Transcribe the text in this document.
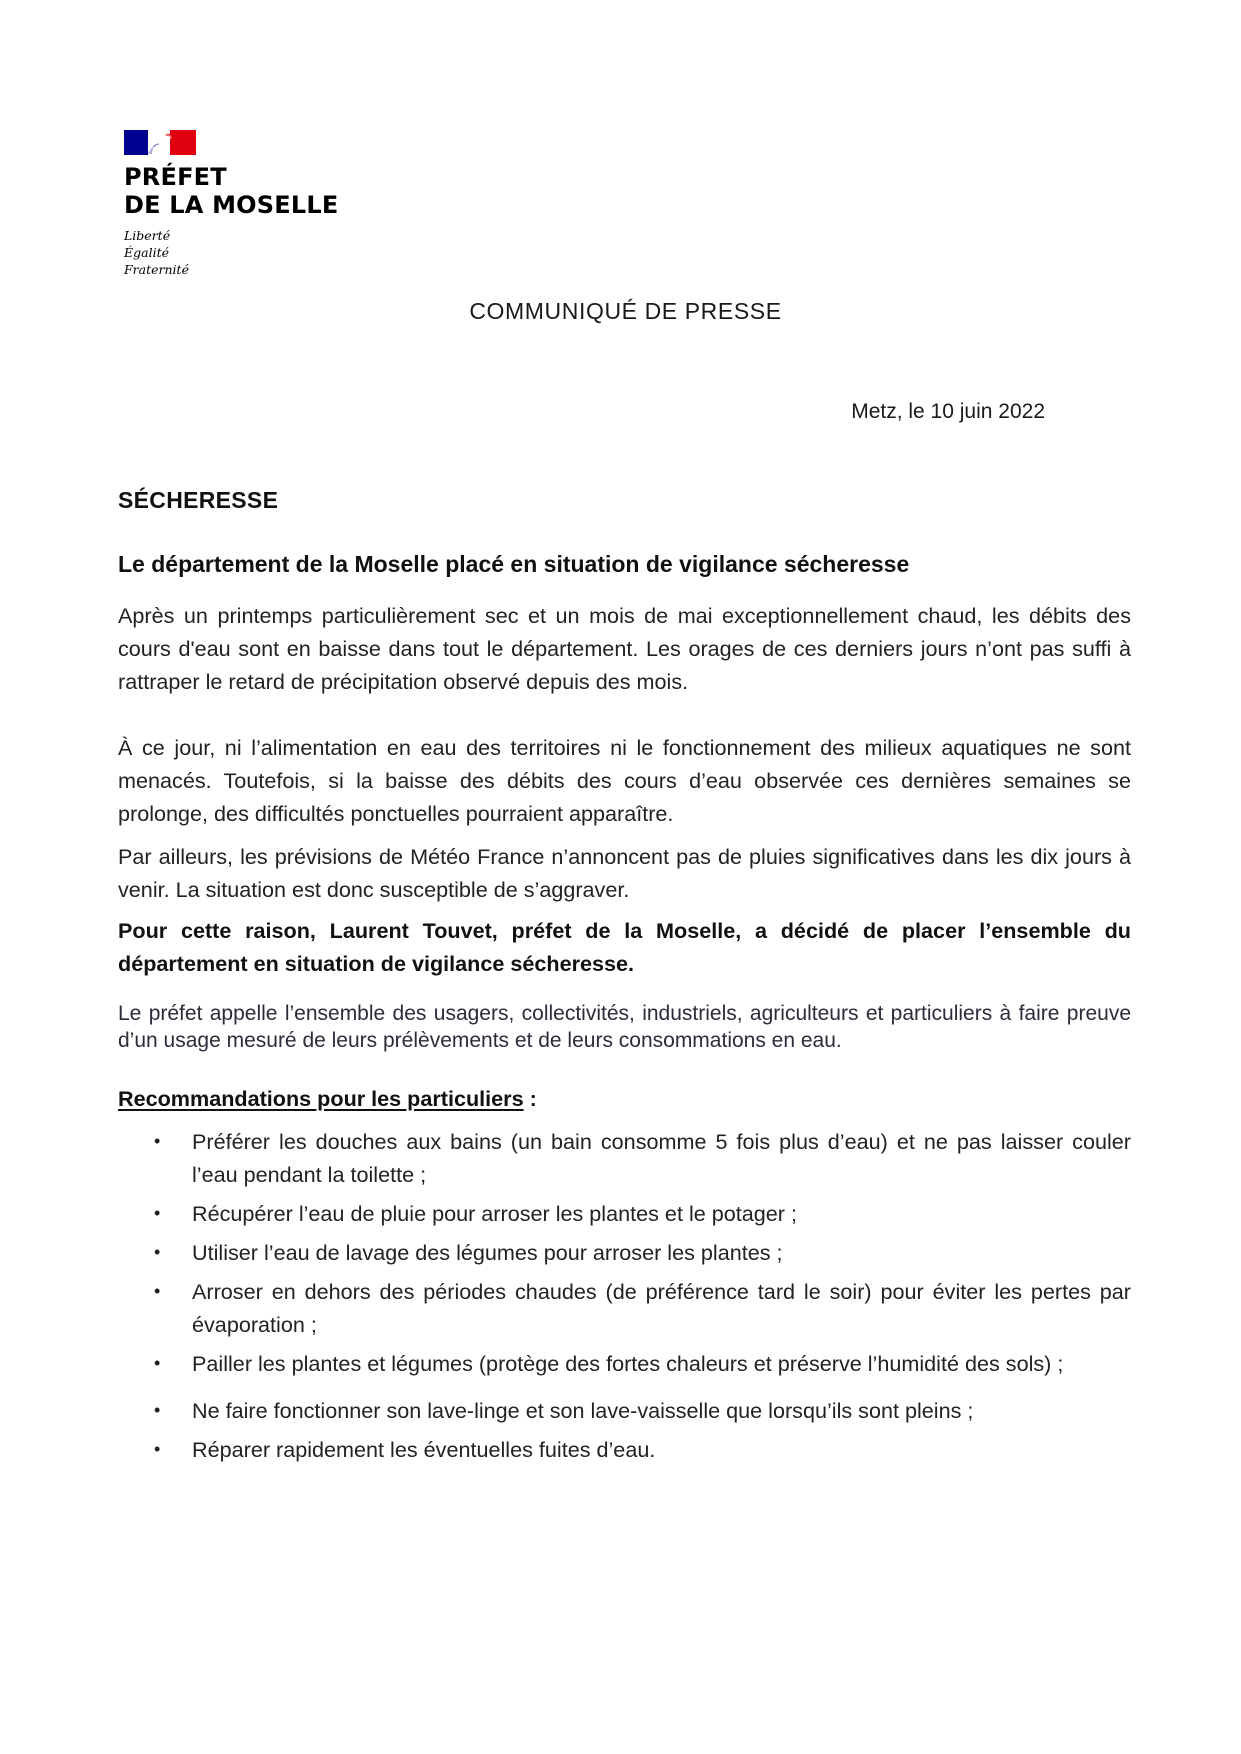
PRÉFET
DE LA MOSELLE
Liberté
Égalité
Fraternité
COMMUNIQUÉ DE PRESSE
Metz, le 10 juin 2022
SÉCHERESSE
Le département de la Moselle placé en situation de vigilance sécheresse

Après un printemps particulièrement sec et un mois de mai exceptionnellement chaud, les débits des cours d'eau sont en baisse dans tout le département. Les orages de ces derniers jours n’ont pas suffi à rattraper le retard de précipitation observé depuis des mois.

À ce jour, ni l’alimentation en eau des territoires ni le fonctionnement des milieux aquatiques ne sont menacés. Toutefois, si la baisse des débits des cours d’eau observée ces dernières semaines se prolonge, des difficultés ponctuelles pourraient apparaître.

Par ailleurs, les prévisions de Météo France n’annoncent pas de pluies significatives dans les dix jours à venir. La situation est donc susceptible de s’aggraver.

Pour cette raison, Laurent Touvet, préfet de la Moselle, a décidé de placer l’ensemble du département en situation de vigilance sécheresse.

Le préfet appelle l’ensemble des usagers, collectivités, industriels, agriculteurs et particuliers à faire preuve d’un usage mesuré de leurs prélèvements et de leurs consommations en eau.

Recommandations pour les particuliers :
• Préférer les douches aux bains (un bain consomme 5 fois plus d’eau) et ne pas laisser couler l’eau pendant la toilette ;
• Récupérer l’eau de pluie pour arroser les plantes et le potager ;
• Utiliser l’eau de lavage des légumes pour arroser les plantes ;
• Arroser en dehors des périodes chaudes (de préférence tard le soir) pour éviter les pertes par évaporation ;
• Pailler les plantes et légumes (protège des fortes chaleurs et préserve l’humidité des sols) ;
• Ne faire fonctionner son lave-linge et son lave-vaisselle que lorsqu’ils sont pleins ;
• Réparer rapidement les éventuelles fuites d’eau.
